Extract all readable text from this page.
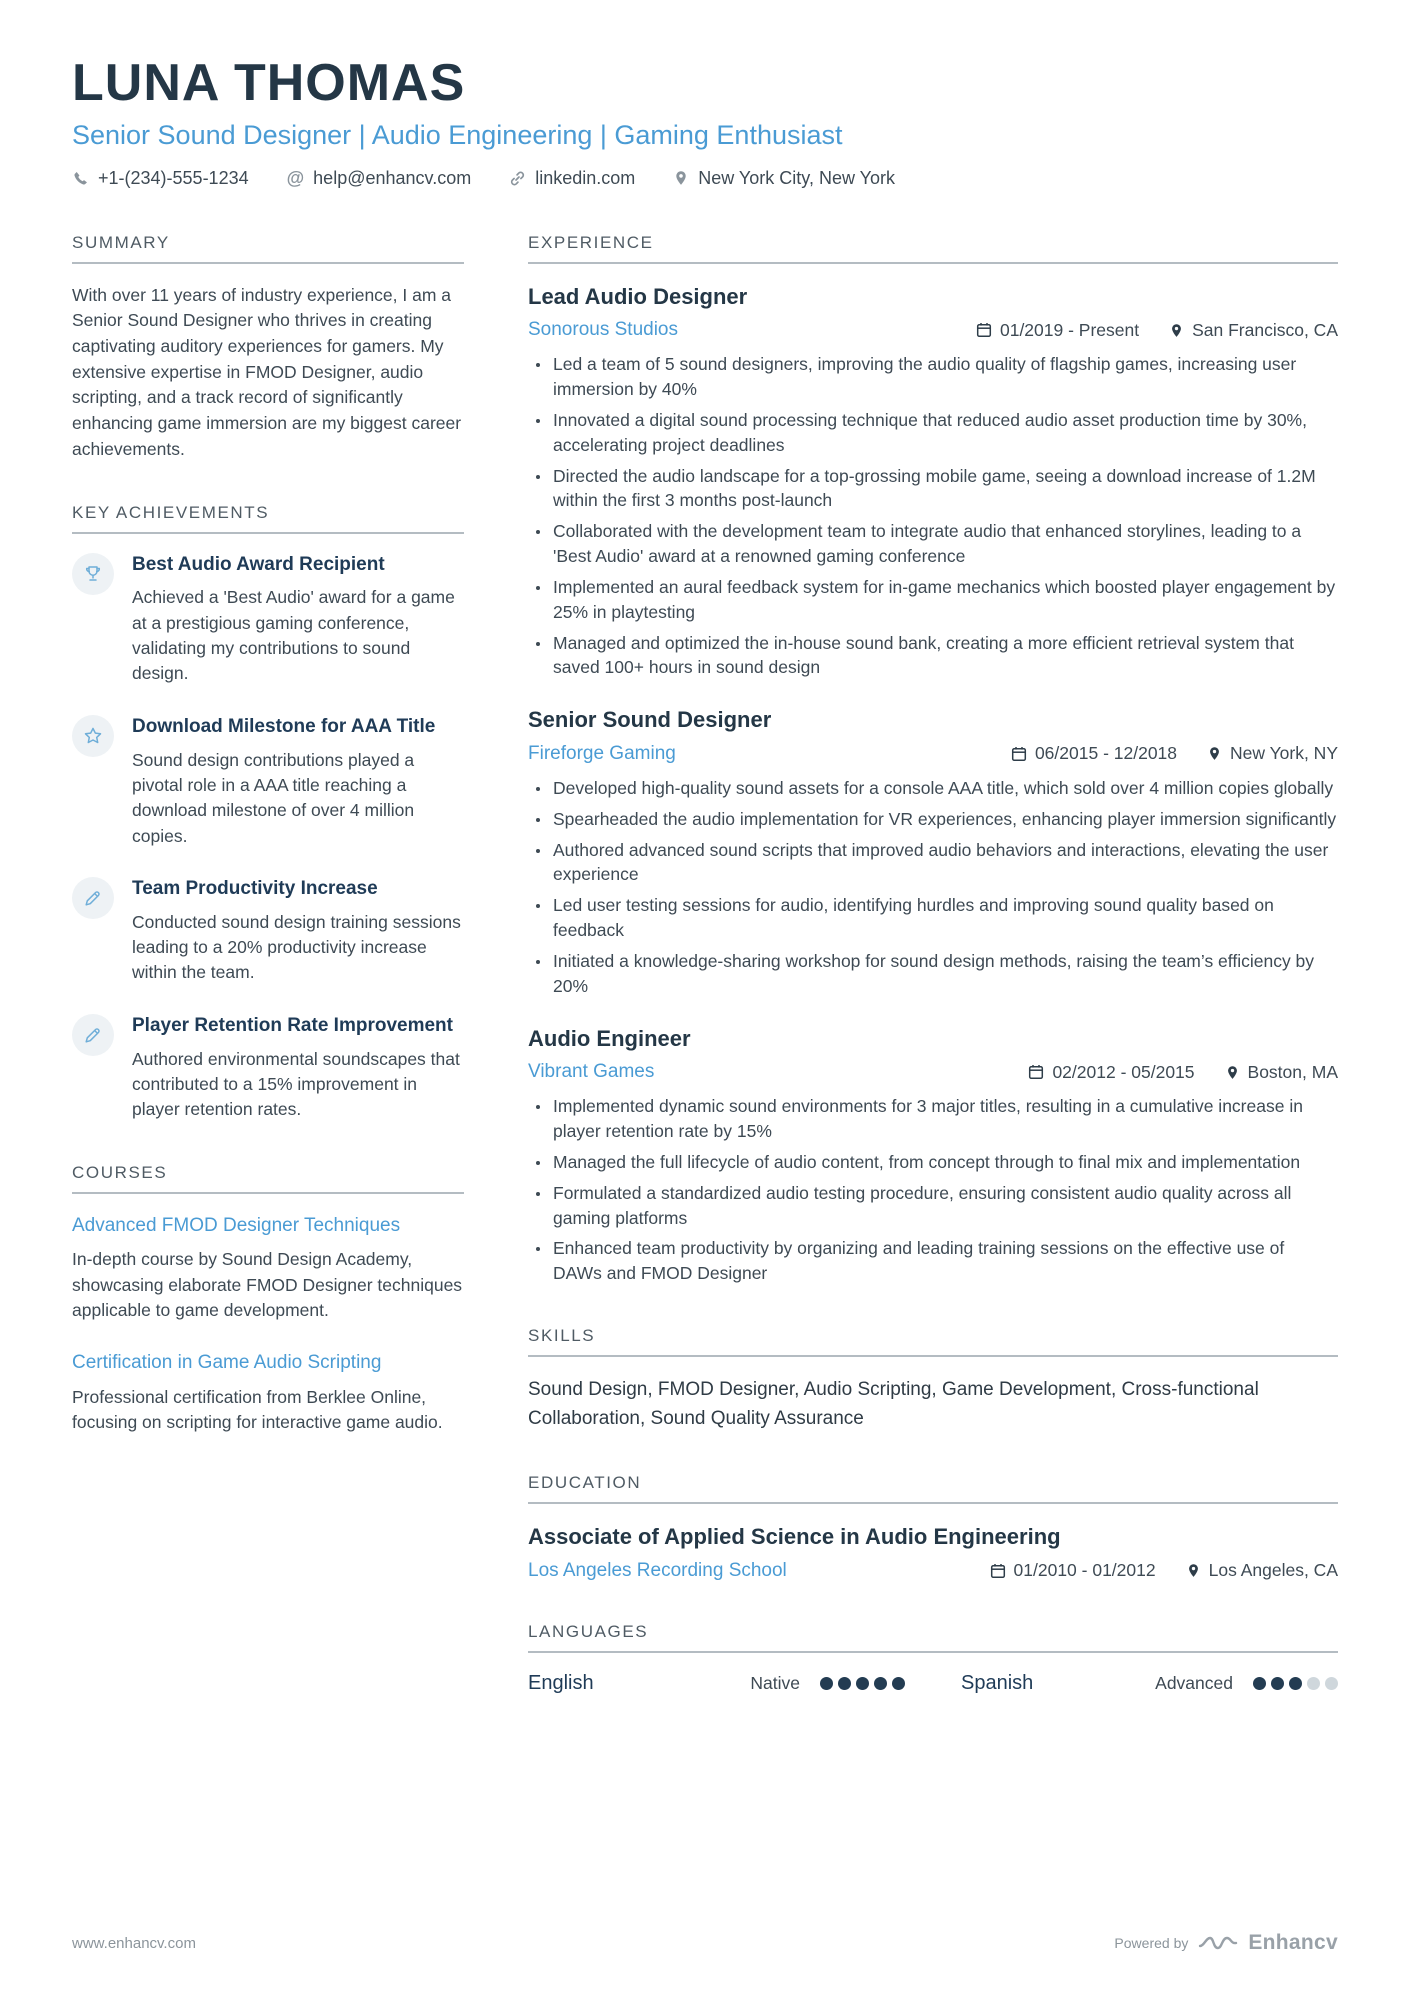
LUNA THOMAS
Senior Sound Designer | Audio Engineering | Gaming Enthusiast
+1-(234)-555-1234 @ help@enhancv.com	linkedin.com	New York City, New York
SUMMARY

With over 11 years of industry experience, I am a Senior Sound Designer who thrives in creating captivating auditory experiences for gamers. My extensive expertise in FMOD Designer, audio scripting, and a track record of significantly enhancing game immersion are my biggest career achievements.

KEY ACHIEVEMENTS
Best Audio Award Recipient
Achieved a 'Best Audio' award for a game at a prestigious gaming conference, validating my contributions to sound design.
Download Milestone for AAA Title
Sound design contributions played a pivotal role in a AAA title reaching a download milestone of over 4 million copies.
Team Productivity Increase
Conducted sound design training sessions leading to a 20% productivity increase within the team.
Player Retention Rate Improvement
Authored environmental soundscapes that contributed to a 15% improvement in player retention rates.
COURSES
Advanced FMOD Designer Techniques
In-depth course by Sound Design Academy, showcasing elaborate FMOD Designer techniques applicable to game development.
Certification in Game Audio Scripting
Professional certification from Berklee Online, focusing on scripting for interactive game audio.
EXPERIENCE
Lead Audio Designer
Sonorous Studios	01/2019 - Present	San Francisco, CA
Led a team of 5 sound designers, improving the audio quality of flagship games, increasing user immersion by 40%
Innovated a digital sound processing technique that reduced audio asset production time by 30%, accelerating project deadlines
Directed the audio landscape for a top-grossing mobile game, seeing a download increase of 1.2M within the first 3 months post-launch
Collaborated with the development team to integrate audio that enhanced storylines, leading to a 'Best Audio' award at a renowned gaming conference
Implemented an aural feedback system for in-game mechanics which boosted player engagement by 25% in playtesting
Managed and optimized the in-house sound bank, creating a more efficient retrieval system that saved 100+ hours in sound design
Senior Sound Designer
Fireforge Gaming	06/2015 - 12/2018	New York, NY
Developed high-quality sound assets for a console AAA title, which sold over 4 million copies globally
Spearheaded the audio implementation for VR experiences, enhancing player immersion significantly
Authored advanced sound scripts that improved audio behaviors and interactions, elevating the user experience
Led user testing sessions for audio, identifying hurdles and improving sound quality based on feedback
Initiated a knowledge-sharing workshop for sound design methods, raising the team’s efficiency by 20%
Audio Engineer
Vibrant Games	02/2012 - 05/2015	Boston, MA
Implemented dynamic sound environments for 3 major titles, resulting in a cumulative increase in player retention rate by 15%
Managed the full lifecycle of audio content, from concept through to final mix and implementation
Formulated a standardized audio testing procedure, ensuring consistent audio quality across all gaming platforms
Enhanced team productivity by organizing and leading training sessions on the effective use of DAWs and FMOD Designer
SKILLS

Sound Design, FMOD Designer, Audio Scripting, Game Development, Cross-functional Collaboration, Sound Quality Assurance

EDUCATION
Associate of Applied Science in Audio Engineering
Los Angeles Recording School	01/2010 - 01/2012	Los Angeles, CA
LANGUAGES
English	Native	Spanish	Advanced
www.enhancv.com	Powered by	Enhancv
